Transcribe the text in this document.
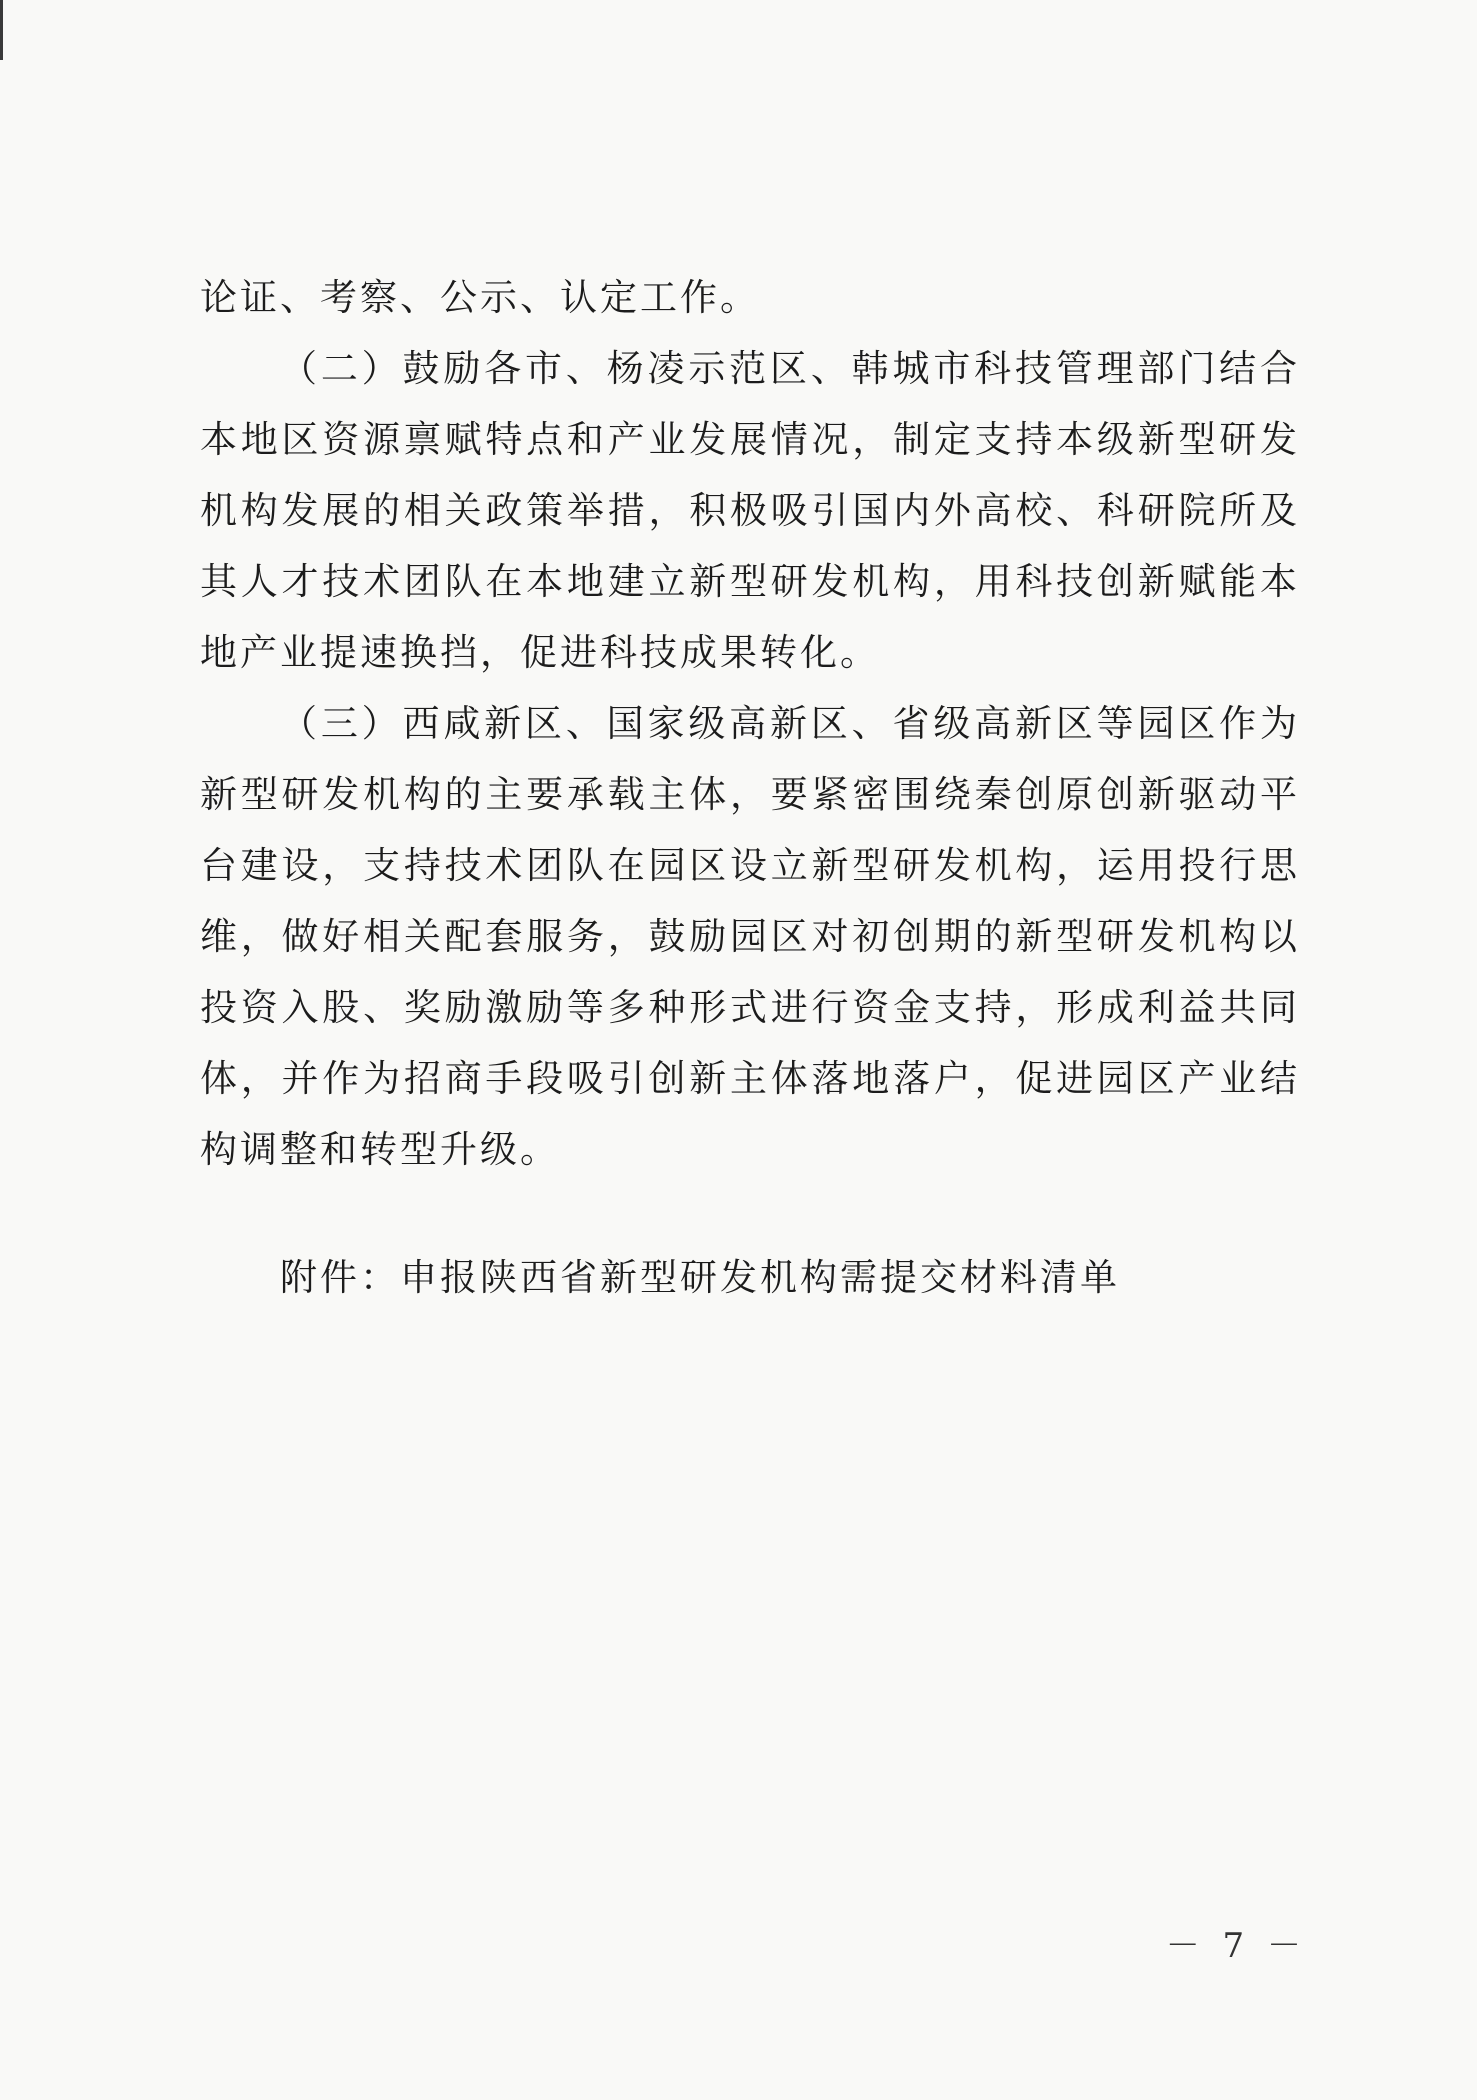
论证、考察、公示、认定工作。

（二）鼓励各市、杨凌示范区、韩城市科技管理部门结合本地区资源禀赋特点和产业发展情况，制定支持本级新型研发机构发展的相关政策举措，积极吸引国内外高校、科研院所及其人才技术团队在本地建立新型研发机构，用科技创新赋能本地产业提速换挡，促进科技成果转化。

（三）西咸新区、国家级高新区、省级高新区等园区作为新型研发机构的主要承载主体，要紧密围绕秦创原创新驱动平台建设，支持技术团队在园区设立新型研发机构，运用投行思维，做好相关配套服务，鼓励园区对初创期的新型研发机构以投资入股、奖励激励等多种形式进行资金支持，形成利益共同体，并作为招商手段吸引创新主体落地落户，促进园区产业结构调整和转型升级。

附件：申报陕西省新型研发机构需提交材料清单
－ 7 －
